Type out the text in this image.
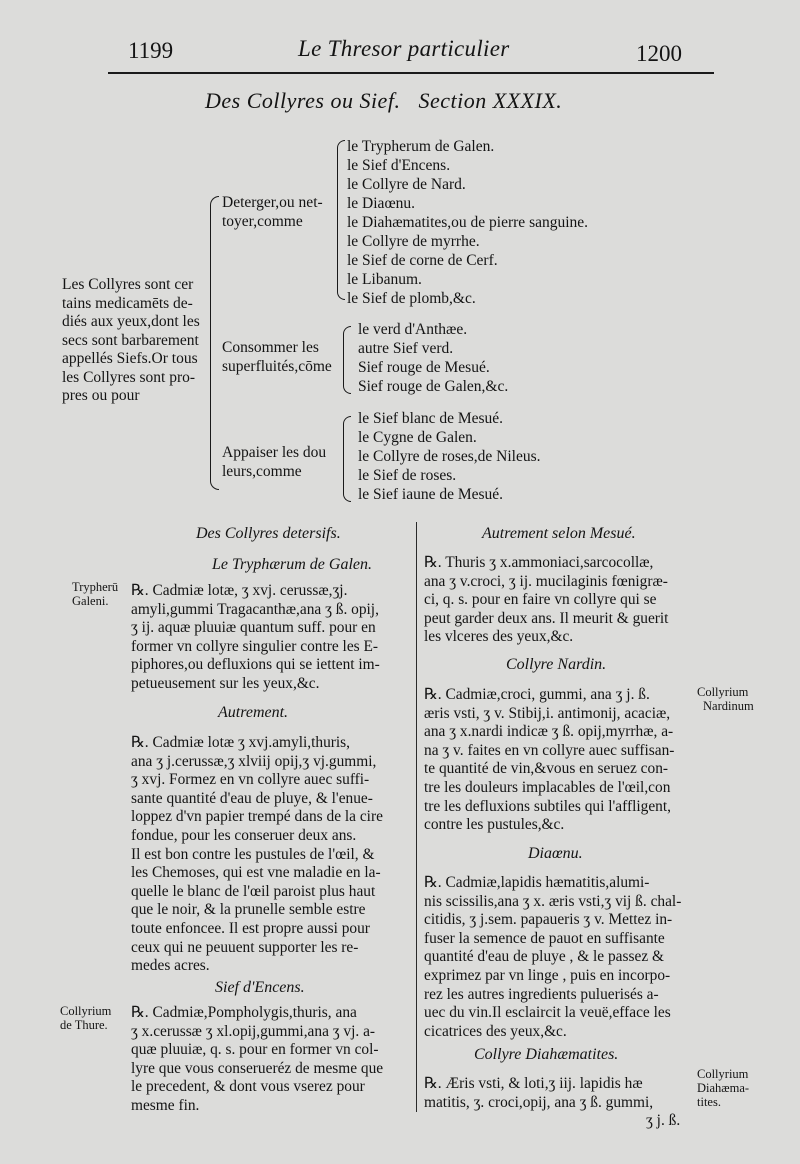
1199	Le Thresor particulier	1200
Des Collyres ou Sief.   Section XXXIX.
Les Collyres sont cer
tains medicamēts de-
diés aux yeux,dont les
secs sont barbarement
appellés Siefs.Or tous
les Collyres sont pro-
pres ou pour
Deterger,ou net-
toyer,comme
le Trypherum de Galen.
le Sief d'Encens.
le Collyre de Nard.
le Diaœnu.
le Diahæmatites,ou de pierre sanguine.
le Collyre de myrrhe.
le Sief de corne de Cerf.
le Libanum.
le Sief de plomb,&c.
Consommer les
superfluités,cōme
le verd d'Anthæe.
autre Sief verd.
Sief rouge de Mesué.
Sief rouge de Galen,&c.
Appaiser les dou
leurs,comme
le Sief blanc de Mesué.
le Cygne de Galen.
le Collyre de roses,de Nileus.
le Sief de roses.
le Sief iaune de Mesué.
Des Collyres detersifs.
Le Tryphærum de Galen.
Trypherū
Galeni.
℞. Cadmiæ lotæ, ʒ xvj. cerussæ,ʒj.
amyli,gummi Tragacanthæ,ana ʒ ß. opij,
ʒ ij. aquæ pluuiæ quantum suff. pour en
former vn collyre singulier contre les E-
piphores,ou defluxions qui se iettent im-
petueusement sur les yeux,&c.
Autrement.
℞. Cadmiæ lotæ ʒ xvj.amyli,thuris,
ana ʒ j.cerussæ,ʒ xlviij opij,ʒ vj.gummi,
ʒ xvj. Formez en vn collyre auec suffi-
sante quantité d'eau de pluye, & l'enue-
loppez d'vn papier trempé dans de la cire
fondue, pour les conseruer deux ans.
Il est bon contre les pustules de l'œil, &
les Chemoses, qui est vne maladie en la-
quelle le blanc de l'œil paroist plus haut
que le noir, & la prunelle semble estre
toute enfoncee. Il est propre aussi pour
ceux qui ne peuuent supporter les re-
medes acres.
Sief d'Encens.
Collyrium
de Thure.
℞. Cadmiæ,Pompholygis,thuris, ana
ʒ x.cerussæ ʒ xl.opij,gummi,ana ʒ vj. a-
quæ pluuiæ, q. s. pour en former vn col-
lyre que vous conserueréz de mesme que
le precedent, & dont vous vserez pour
mesme fin.
Autrement selon Mesué.
℞. Thuris ʒ x.ammoniaci,sarcocollæ,
ana ʒ v.croci, ʒ ij. mucilaginis fœnigræ-
ci, q. s. pour en faire vn collyre qui se
peut garder deux ans. Il meurit & guerit
les vlceres des yeux,&c.
Collyre Nardin.
Collyrium
Nardinum
℞. Cadmiæ,croci, gummi, ana ʒ j. ß.
æris vsti, ʒ v. Stibij,i. antimonij, acaciæ,
ana ʒ x.nardi indicæ ʒ ß. opij,myrrhæ, a-
na ʒ v. faites en vn collyre auec suffisan-
te quantité de vin,&vous en seruez con-
tre les douleurs implacables de l'œil,con
tre les defluxions subtiles qui l'affligent,
contre les pustules,&c.
Diaœnu.
℞. Cadmiæ,lapidis hæmatitis,alumi-
nis scissilis,ana ʒ x. æris vsti,ʒ vij ß. chal-
citidis, ʒ j.sem. papaueris ʒ v. Mettez in-
fuser la semence de pauot en suffisante
quantité d'eau de pluye , & le passez &
exprimez par vn linge , puis en incorpo-
rez les autres ingredients puluerisés a-
uec du vin.Il esclaircit la veuë,efface les
cicatrices des yeux,&c.
Collyre Diahæmatites.
Collyrium
Diahæma-
tites.
℞. Æris vsti, & loti,ʒ iij. lapidis hæ
matitis, ʒ. croci,opij, ana ʒ ß. gummi,
ʒ j. ß.
